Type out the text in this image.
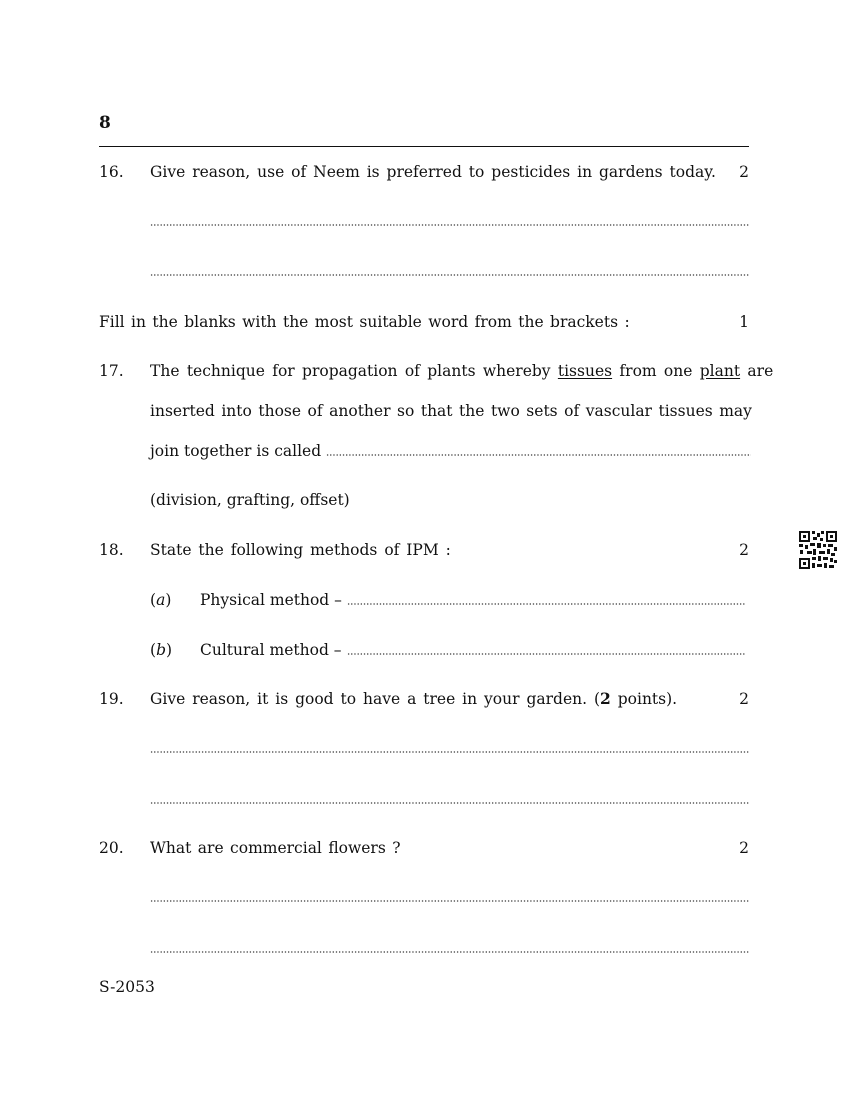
8
16. Give reason, use of Neem is preferred to pesticides in gardens today. 2
Fill in the blanks with the most suitable word from the brackets :	1
17. The technique for propagation of plants whereby tissues from one plant are
inserted into those of another so that the two sets of vascular tissues may
join together is called
(division, grafting, offset)
18. State the following methods of IPM :	2
(a) Physical method –
(b) Cultural method –
19. Give reason, it is good to have a tree in your garden. (2 points).	2
20. What are commercial flowers ?	2
S-2053
